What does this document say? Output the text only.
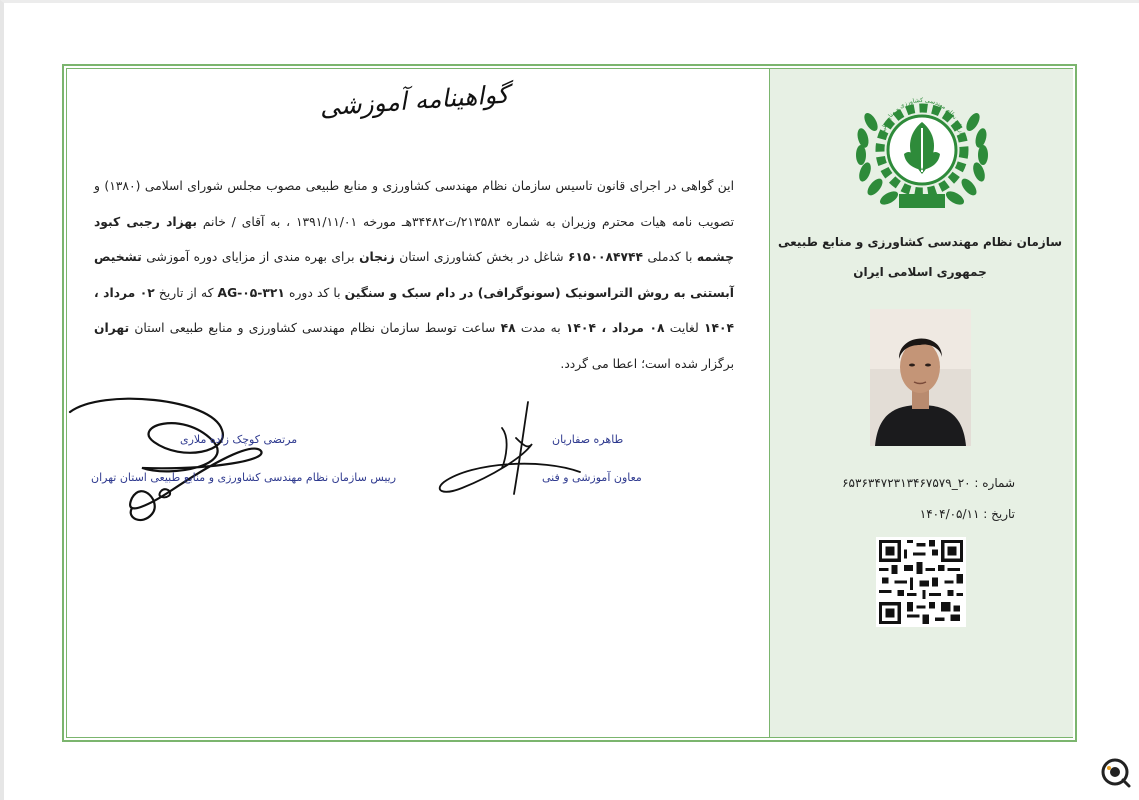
سازمان نظام مهندسی کشاورزی و منابع طبیعی
سازمان نظام مهندسی کشاورزی و منابع طبیعی
جمهوری اسلامی ایران
شماره : ۲۰_۶۵۳۶۳۴۷۲۳۱۳۴۶۷۵۷۹
تاریخ : ۱۴۰۴/۰۵/۱۱
گواهینامه آموزشی
این گواهی در اجرای قانون تاسیس سازمان نظام مهندسی کشاورزی و منابع طبیعی مصوب مجلس شورای اسلامی (۱۳۸۰) و تصویب نامه هیات محترم وزیران به شماره ۲۱۳۵۸۳/ت۳۴۴۸۲هـ مورخه ۱۳۹۱/۱۱/۰۱ ، به آقای / خانم بهزاد رجبی کبود چشمه با کدملی ۶۱۵۰۰۸۴۷۴۴ شاغل در بخش کشاورزی استان زنجان برای بهره مندی از مزایای دوره آموزشی تشخیص آبستنی به روش التراسونیک (سونوگرافی) در دام سبک و سنگین با کد دوره AG-۰۵-۳۲۱ که از تاریخ ۰۲ مرداد ، ۱۴۰۴ لغایت ۰۸ مرداد ، ۱۴۰۴ به مدت ۴۸ ساعت توسط سازمان نظام مهندسی کشاورزی و منابع طبیعی استان تهران برگزار شده است؛ اعطا می گردد.
مرتضی کوچک زاده ملاری
رییس سازمان نظام مهندسی کشاورزی و منابع طبیعی استان تهران
طاهره صفاریان
معاون آموزشی و فنی
